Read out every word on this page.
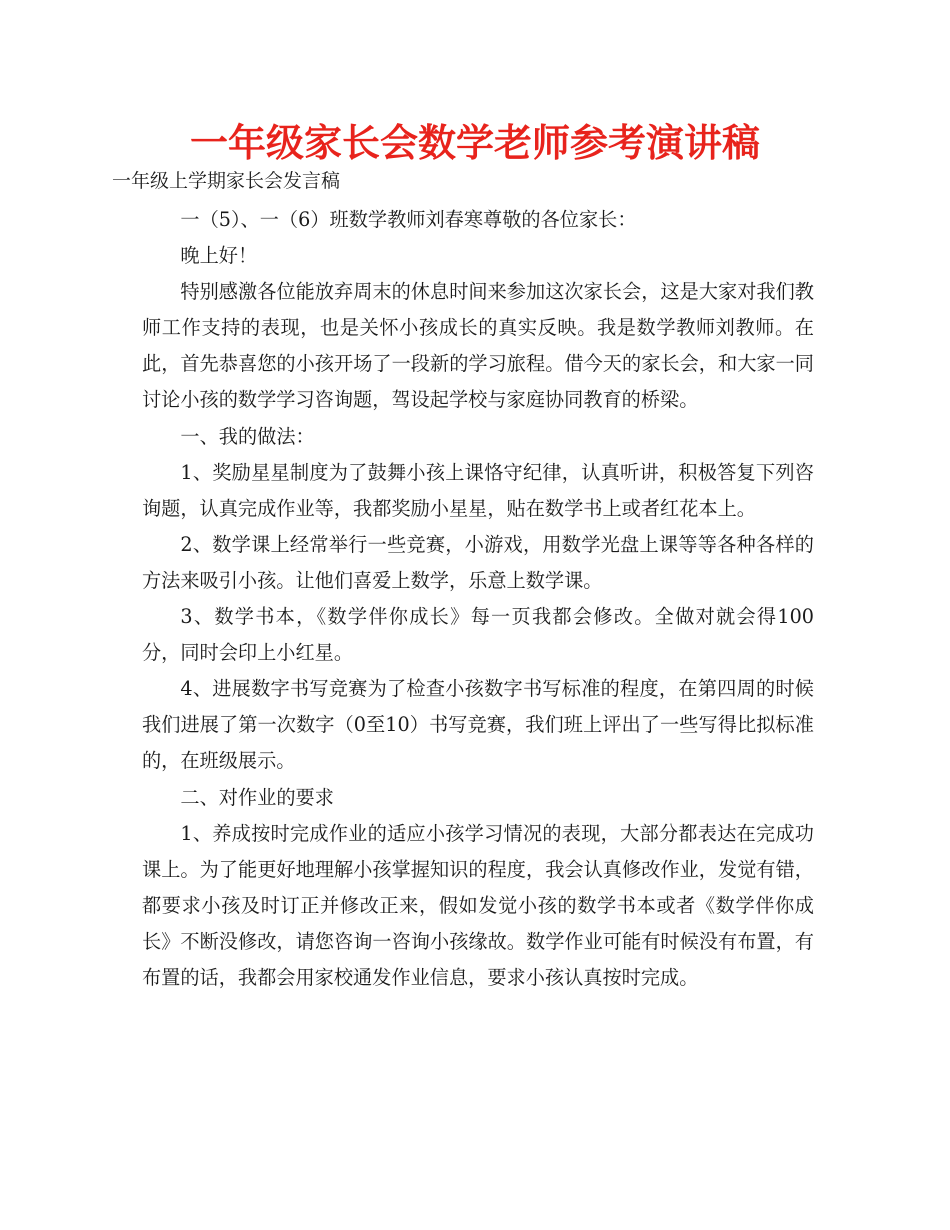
一年级家长会数学老师参考演讲稿
一年级上学期家长会发言稿

一（5）、一（6）班数学教师刘春寒尊敬的各位家长：

晚上好！

特别感激各位能放弃周末的休息时间来参加这次家长会，这是大家对我们教师工作支持的表现，也是关怀小孩成长的真实反映。我是数学教师刘教师。在此，首先恭喜您的小孩开场了一段新的学习旅程。借今天的家长会，和大家一同讨论小孩的数学学习咨询题，驾设起学校与家庭协同教育的桥梁。

一、我的做法：

1、奖励星星制度为了鼓舞小孩上课恪守纪律，认真听讲，积极答复下列咨询题，认真完成作业等，我都奖励小星星，贴在数学书上或者红花本上。

2、数学课上经常举行一些竞赛，小游戏，用数学光盘上课等等各种各样的方法来吸引小孩。让他们喜爱上数学，乐意上数学课。

3、数学书本，《数学伴你成长》每一页我都会修改。全做对就会得100分，同时会印上小红星。

4、进展数字书写竞赛为了检查小孩数字书写标准的程度，在第四周的时候我们进展了第一次数字（0至10）书写竞赛，我们班上评出了一些写得比拟标准的，在班级展示。

二、对作业的要求

1、养成按时完成作业的适应小孩学习情况的表现，大部分都表达在完成功课上。为了能更好地理解小孩掌握知识的程度，我会认真修改作业，发觉有错，都要求小孩及时订正并修改正来，假如发觉小孩的数学书本或者《数学伴你成长》不断没修改，请您咨询一咨询小孩缘故。数学作业可能有时候没有布置，有布置的话，我都会用家校通发作业信息，要求小孩认真按时完成。
